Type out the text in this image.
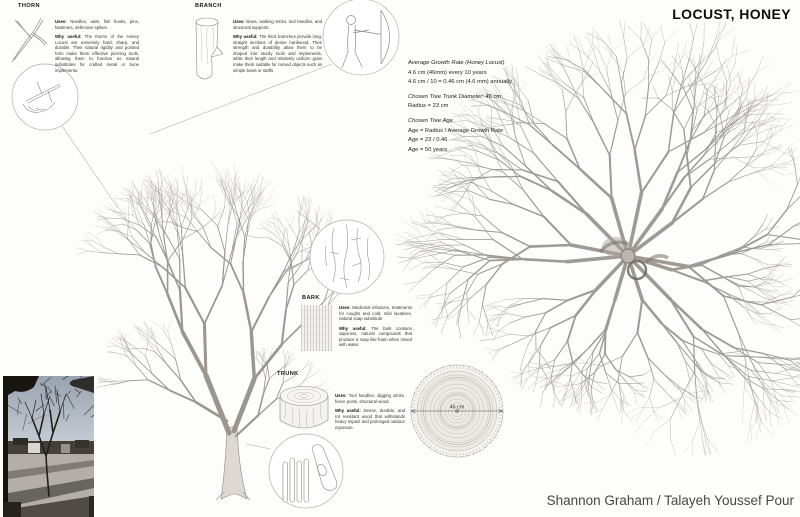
THORN

Uses: Needles, awls, fish hooks, pins, fasteners, defensive spikes.

Why useful: The thorns of the Honey Locust are extremely hard, sharp, and durable. Their natural rigidity and pointed form make them effective piercing tools, allowing them to function as natural substitutes for crafted metal or bone implements.

BRANCH

Uses: Bows, walking sticks, tool handles, and structural supports.

Why useful: The thick branches provide long, straight sections of dense hardwood. Their strength and durability allow them to be shaped into sturdy tools and implements, while their length and relatively uniform grain make them suitable for carved objects such as simple bows or staffs.

BARK

Uses: Medicinal infusions, treatments for coughs and cold, mild laxatives, natural soap substitute

Why useful: The bark contains saponins, natural compounds that produce a soap like foam when mixed with water.

TRUNK

Uses: Tool handles, digging sticks, fence posts, structural wood.

Why useful: Dense, durable, and rot resistant wood that withstands heavy impact and prolonged outdoor exposure.

LOCUST, HONEY
Average Growth Rate (Honey Locust)
4.6 cm (46mm) every 10 years
4.6 cm / 10 = 0.46 cm (4.6 mm) annually
Chosen Tree Trunk Diameter: 46 cm
Radius = 23 cm
Chosen Tree Age
Age = Radius / Average Growth Rate
Age = 23 / 0.46
Age = 50 years
46 cm
Shannon Graham / Talayeh Youssef Pour
